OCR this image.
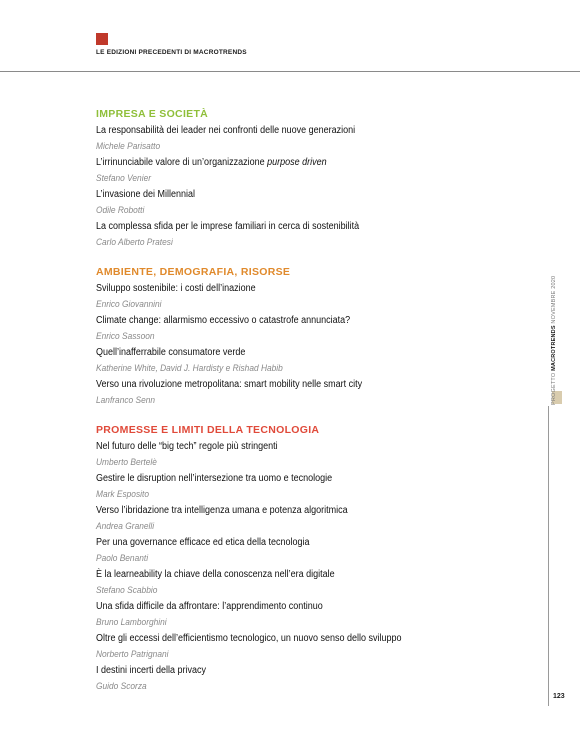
LE EDIZIONI PRECEDENTI DI MACROTRENDS
IMPRESA E SOCIETÀ
La responsabilità dei leader nei confronti delle nuove generazioni
Michele Parisatto
L’irrinunciabile valore di un’organizzazione purpose driven
Stefano Venier
L’invasione dei Millennial
Odile Robotti
La complessa sfida per le imprese familiari in cerca di sostenibilità
Carlo Alberto Pratesi
AMBIENTE, DEMOGRAFIA, RISORSE
Sviluppo sostenibile: i costi dell’inazione
Enrico Giovannini
Climate change: allarmismo eccessivo o catastrofe annunciata?
Enrico Sassoon
Quell’inafferrabile consumatore verde
Katherine White, David J. Hardisty e Rishad Habib
Verso una rivoluzione metropolitana: smart mobility nelle smart city
Lanfranco Senn
PROMESSE E LIMITI DELLA TECNOLOGIA
Nel futuro delle “big tech” regole più stringenti
Umberto Bertelè
Gestire le disruption nell’intersezione tra uomo e tecnologie
Mark Esposito
Verso l’ibridazione tra intelligenza umana e potenza algoritmica
Andrea Granelli
Per una governance efficace ed etica della tecnologia
Paolo Benanti
È la learneability la chiave della conoscenza nell’era digitale
Stefano Scabbio
Una sfida difficile da affrontare: l’apprendimento continuo
Bruno Lamborghini
Oltre gli eccessi dell’efficientismo tecnologico, un nuovo senso dello sviluppo
Norberto Patrignani
I destini incerti della privacy
Guido Scorza
PROGETTO MACROTRENDS NOVEMBRE 2020
123
